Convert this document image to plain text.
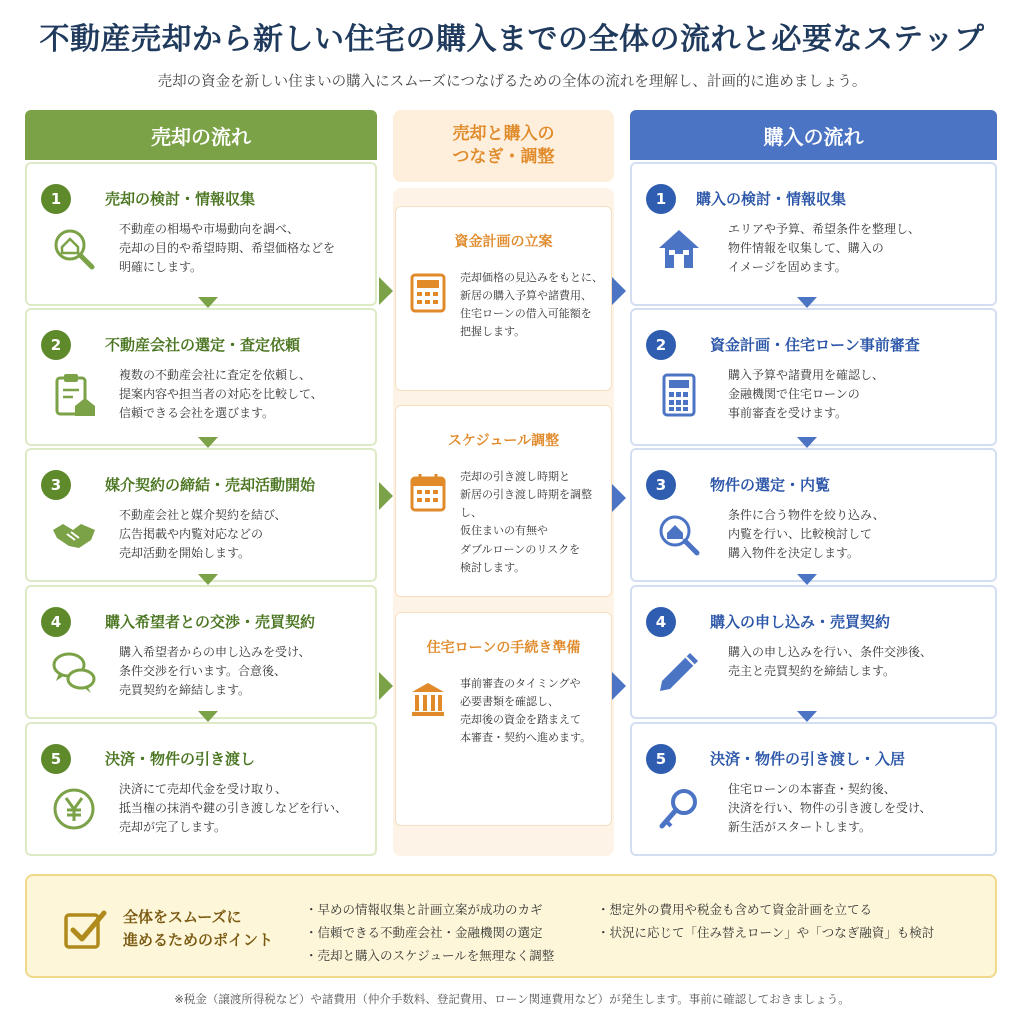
不動産売却から新しい住宅の購入までの全体の流れと必要なステップ
売却の資金を新しい住まいの購入にスムーズにつなげるための全体の流れを理解し、計画的に進めましょう。
売却の流れ	売却と購入の
つなぎ・調整
購入の流れ
1	売却の検討・情報収集
不動産の相場や市場動向を調べ、
売却の目的や希望時期、希望価格などを
明確にします。
2	不動産会社の選定・査定依頼
複数の不動産会社に査定を依頼し、
提案内容や担当者の対応を比較して、
信頼できる会社を選びます。
3	媒介契約の締結・売却活動開始
不動産会社と媒介契約を結び、
広告掲載や内覧対応などの
売却活動を開始します。
4	購入希望者との交渉・売買契約
購入希望者からの申し込みを受け、
条件交渉を行います。合意後、
売買契約を締結します。
5	決済・物件の引き渡し
決済にて売却代金を受け取り、
抵当権の抹消や鍵の引き渡しなどを行い、
売却が完了します。
資金計画の立案
売却価格の見込みをもとに、
新居の購入予算や諸費用、
住宅ローンの借入可能額を
把握します。
スケジュール調整
売却の引き渡し時期と
新居の引き渡し時期を調整し、
仮住まいの有無や
ダブルローンのリスクを
検討します。
住宅ローンの手続き準備
事前審査のタイミングや
必要書類を確認し、
売却後の資金を踏まえて
本審査・契約へ進めます。
1	購入の検討・情報収集
エリアや予算、希望条件を整理し、
物件情報を収集して、購入の
イメージを固めます。
2	資金計画・住宅ローン事前審査
購入予算や諸費用を確認し、
金融機関で住宅ローンの
事前審査を受けます。
3	物件の選定・内覧
条件に合う物件を絞り込み、
内覧を行い、比較検討して
購入物件を決定します。
4	購入の申し込み・売買契約
購入の申し込みを行い、条件交渉後、
売主と売買契約を締結します。
5	決済・物件の引き渡し・入居
住宅ローンの本審査・契約後、
決済を行い、物件の引き渡しを受け、
新生活がスタートします。
全体をスムーズに
進めるためのポイント
・ 早めの情報収集と計画立案が成功のカギ
・ 信頼できる不動産会社・金融機関の選定
・ 売却と購入のスケジュールを無理なく調整
・ 想定外の費用や税金も含めて資金計画を立てる
・ 状況に応じて「住み替えローン」や「つなぎ融資」も検討
※税金（譲渡所得税など）や諸費用（仲介手数料、登記費用、ローン関連費用など）が発生します。事前に確認しておきましょう。
